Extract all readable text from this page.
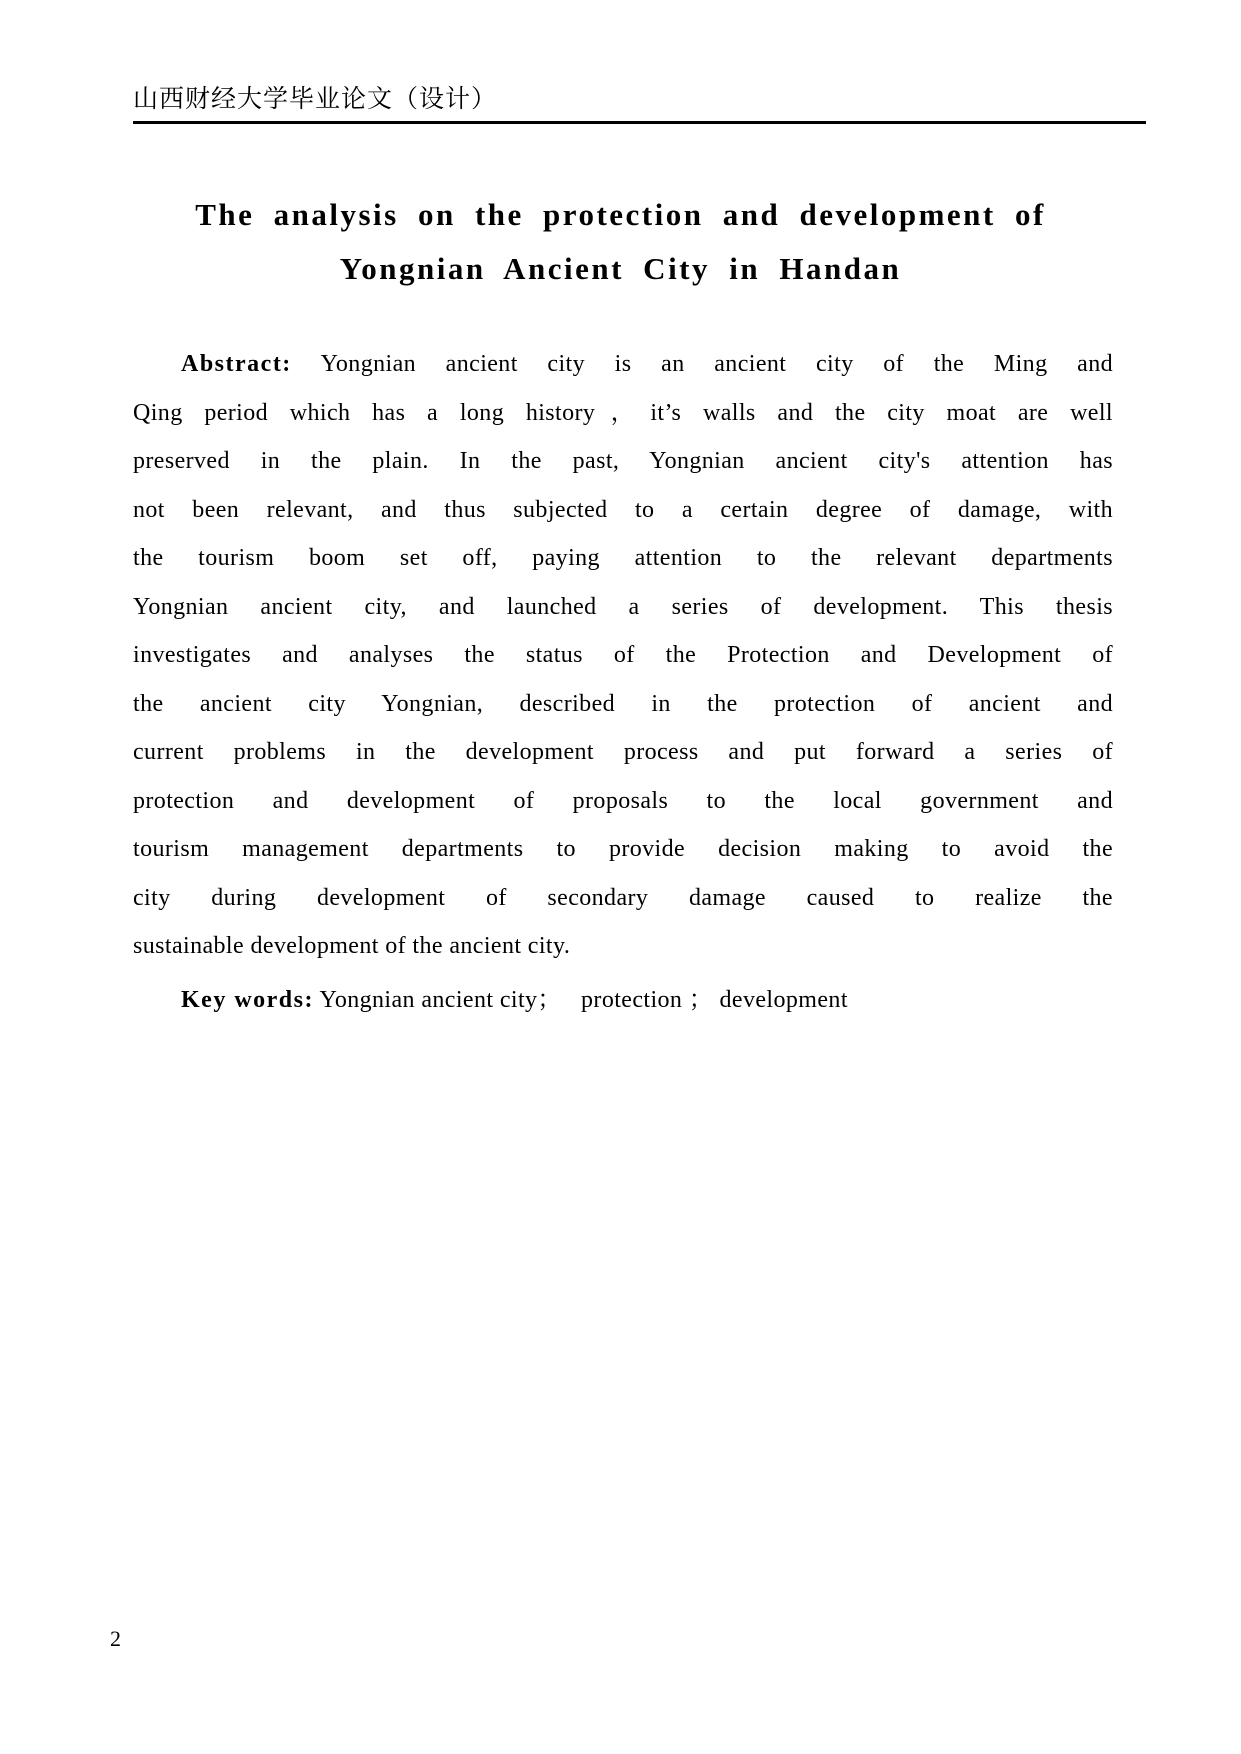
山西财经大学毕业论文（设计）
The analysis on the protection and development of
Yongnian Ancient City in Handan
Abstract: Yongnian ancient city is an ancient city of the Ming and
Qing period which has a long history，it’s walls and the city moat are well
preserved in the plain. In the past, Yongnian ancient city's attention has
not been relevant, and thus subjected to a certain degree of damage, with
the tourism boom set off, paying attention to the relevant departments
Yongnian ancient city, and launched a series of development. This thesis
investigates and analyses the status of the Protection and Development of
the ancient city Yongnian, described in the protection of ancient and
current problems in the development process and put forward a series of
protection and development of proposals to the local government and
tourism management departments to provide decision making to avoid the
city during development of secondary damage caused to realize the
sustainable development of the ancient city.
Key words: Yongnian ancient city；   protection ； development
2
